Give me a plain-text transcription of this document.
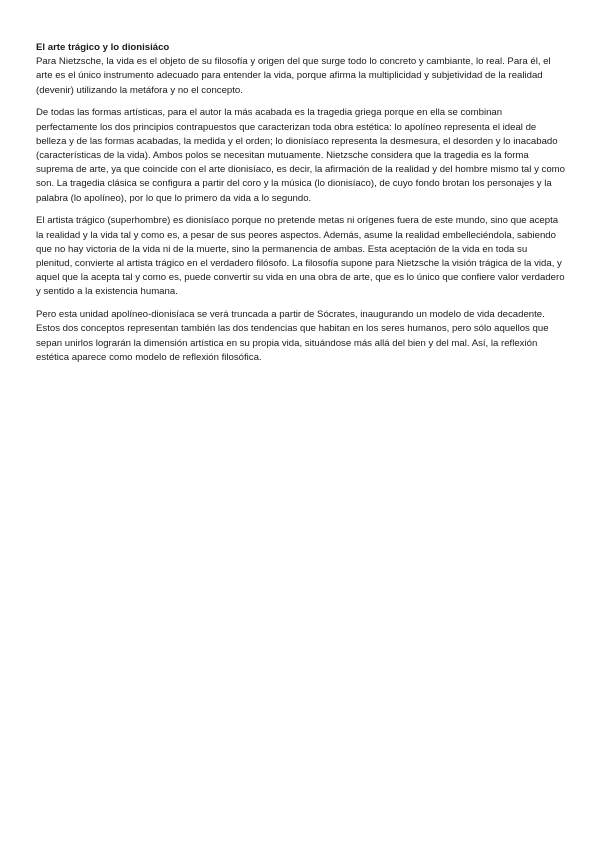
El arte trágico y lo dionisiáco

Para Nietzsche, la vida es el objeto de su filosofía y origen del que surge todo lo concreto y cambiante, lo real. Para él, el arte es el único instrumento adecuado para entender la vida, porque afirma la multiplicidad y subjetividad de la realidad (devenir) utilizando la metáfora y no el concepto.

De todas las formas artísticas, para el autor la más acabada es la tragedia griega porque en ella se combinan perfectamente los dos principios contrapuestos que caracterizan toda obra estética: lo apolíneo representa el ideal de belleza y de las formas acabadas, la medida y el orden; lo dionisíaco representa la desmesura, el desorden y lo inacabado (características de la vida). Ambos polos se necesitan mutuamente. Nietzsche considera que la tragedia es la forma suprema de arte, ya que coincide con el arte dionisíaco, es decir, la afirmación de la realidad y del hombre mismo tal y como son. La tragedia clásica se configura a partir del coro y la música (lo dionisíaco), de cuyo fondo brotan los personajes y la palabra (lo apolíneo), por lo que lo primero da vida a lo segundo.

El artista trágico (superhombre) es dionisíaco porque no pretende metas ni orígenes fuera de este mundo, sino que acepta la realidad y la vida tal y como es, a pesar de sus peores aspectos. Además, asume la realidad embelleciéndola, sabiendo que no hay victoria de la vida ni de la muerte, sino la permanencia de ambas. Esta aceptación de la vida en toda su plenitud, convierte al artista trágico en el verdadero filósofo. La filosofía supone para Nietzsche la visión trágica de la vida, y aquel que la acepta tal y como es, puede convertir su vida en una obra de arte, que es lo único que confiere valor verdadero y sentido a la existencia humana.

Pero esta unidad apolíneo-dionisíaca se verá truncada a partir de Sócrates, inaugurando un modelo de vida decadente. Estos dos conceptos representan también las dos tendencias que habitan en los seres humanos, pero sólo aquellos que sepan unirlos lograrán la dimensión artística en su propia vida, situándose más allá del bien y del mal. Así, la reflexión estética aparece como modelo de reflexión filosófica.
